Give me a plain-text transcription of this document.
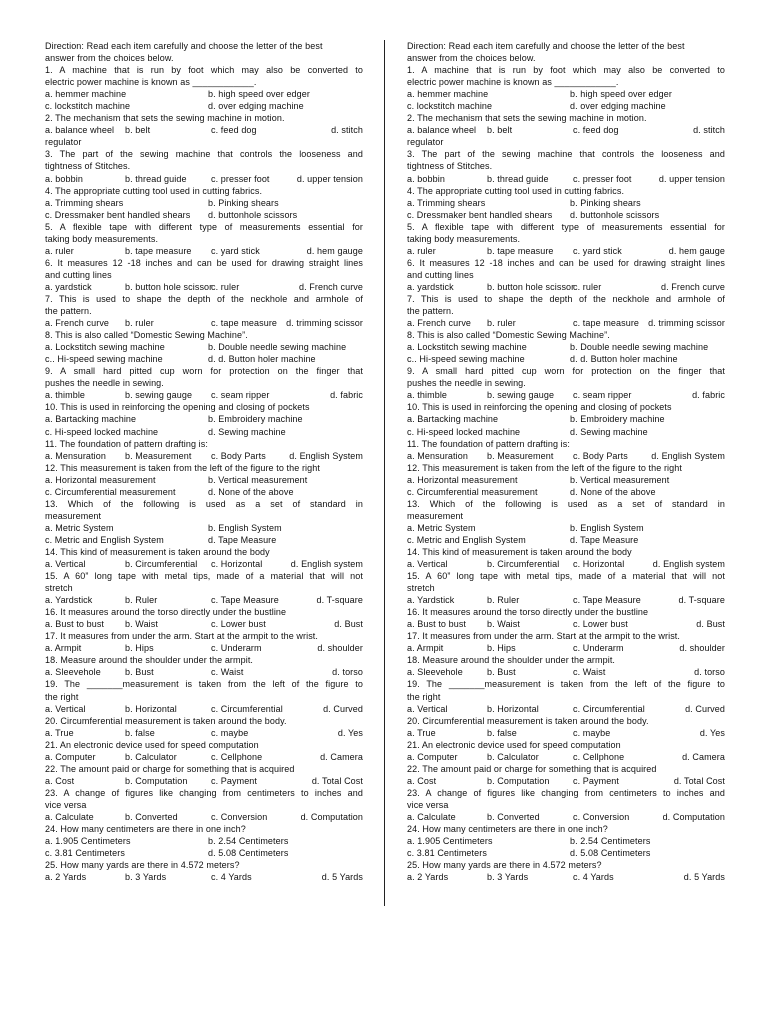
Direction: Read each item carefully and choose the letter of the best
answer from the choices below.
1. A machine that is run by foot which may also be converted to
electric power machine is known as ____________.
a. hemmer machine	b. high speed over edger
c. lockstitch machine	d. over edging machine
2. The mechanism that sets the sewing machine in motion.
a. balance wheel b. belt	c. feed dog	d. stitch
regulator
3. The part of the sewing machine that controls the looseness and
tightness of Stitches.
a. bobbin	b. thread guide	c. presser foot	d. upper tension
4. The appropriate cutting tool used in cutting fabrics.
a. Trimming shears	b. Pinking shears
c. Dressmaker bent handled shears d. buttonhole scissors
5. A flexible tape with different type of measurements essential for
taking body measurements.
a. ruler	b. tape measure c. yard stick	d. hem gauge
6. It measures 12 -18 inches and can be used for drawing straight lines
and cutting lines
a. yardstick	b. button hole scissor
c. ruler	d. French curve
7. This is used to shape the depth of the neckhole and armhole of
the pattern.
a. French curve b. ruler	c. tape measure d. trimming scissor
8. This is also called “Domestic Sewing Machine”.
a. Lockstitch sewing machine	b. Double needle sewing machine
c.. Hi-speed sewing machine	d. d. Button holer machine
9. A small hard pitted cup worn for protection on the finger that
pushes the needle in sewing.
a. thimble	b. sewing gauge c. seam ripper	d. fabric
10. This is used in reinforcing the opening and closing of pockets
a. Bartacking machine	b. Embroidery machine
c. Hi-speed locked machine	d. Sewing machine
11. The foundation of pattern drafting is:
a. Mensuration b. Measurement c. Body Parts	d. English System
12. This measurement is taken from the left of the figure to the right
a. Horizontal measurement	b. Vertical measurement
c. Circumferential measurement	d. None of the above
13. Which of the following is used as a set of standard in
measurement
a. Metric System	b. English System
c. Metric and English System	d. Tape Measure
14. This kind of measurement is taken around the body
a. Vertical	b. Circumferential c. Horizontal	d. English system
15. A 60” long tape with metal tips, made of a material that will not
stretch
a. Yardstick	b. Ruler	c. Tape Measure	d. T-square
16. It measures around the torso directly under the bustline
a. Bust to bust b. Waist	c. Lower bust	d. Bust
17. It measures from under the arm. Start at the armpit to the wrist.
a. Armpit	b. Hips	c. Underarm	d. shoulder
18. Measure around the shoulder under the armpit.
a. Sleevehole	b. Bust	c. Waist	d. torso
19. The _______measurement is taken from the left of the figure to
the right
a. Vertical	b. Horizontal	c. Circumferential	d. Curved
20. Circumferential measurement is taken around the body.
a. True	b. false	c. maybe	d. Yes
21. An electronic device used for speed computation
a. Computer	b. Calculator	c. Cellphone	d. Camera
22. The amount paid or charge for something that is acquired
a. Cost	b. Computation	c. Payment	d. Total Cost
23. A change of figures like changing from centimeters to inches and
vice versa
a. Calculate	b. Converted	c. Conversion	d. Computation
24. How many centimeters are there in one inch?
a. 1.905 Centimeters	b. 2.54 Centimeters
c. 3.81 Centimeters	d. 5.08 Centimeters
25. How many yards are there in 4.572 meters?
a. 2 Yards	b. 3 Yards	c. 4 Yards	d. 5 Yards
Direction: Read each item carefully and choose the letter of the best
answer from the choices below.
1. A machine that is run by foot which may also be converted to
electric power machine is known as ____________.
a. hemmer machine	b. high speed over edger
c. lockstitch machine	d. over edging machine
2. The mechanism that sets the sewing machine in motion.
a. balance wheel b. belt	c. feed dog	d. stitch
regulator
3. The part of the sewing machine that controls the looseness and
tightness of Stitches.
a. bobbin	b. thread guide	c. presser foot	d. upper tension
4. The appropriate cutting tool used in cutting fabrics.
a. Trimming shears	b. Pinking shears
c. Dressmaker bent handled shears d. buttonhole scissors
5. A flexible tape with different type of measurements essential for
taking body measurements.
a. ruler	b. tape measure c. yard stick	d. hem gauge
6. It measures 12 -18 inches and can be used for drawing straight lines
and cutting lines
a. yardstick	b. button hole scissor
c. ruler	d. French curve
7. This is used to shape the depth of the neckhole and armhole of
the pattern.
a. French curve b. ruler	c. tape measure d. trimming scissor
8. This is also called “Domestic Sewing Machine”.
a. Lockstitch sewing machine	b. Double needle sewing machine
c.. Hi-speed sewing machine	d. d. Button holer machine
9. A small hard pitted cup worn for protection on the finger that
pushes the needle in sewing.
a. thimble	b. sewing gauge c. seam ripper	d. fabric
10. This is used in reinforcing the opening and closing of pockets
a. Bartacking machine	b. Embroidery machine
c. Hi-speed locked machine	d. Sewing machine
11. The foundation of pattern drafting is:
a. Mensuration b. Measurement c. Body Parts	d. English System
12. This measurement is taken from the left of the figure to the right
a. Horizontal measurement	b. Vertical measurement
c. Circumferential measurement	d. None of the above
13. Which of the following is used as a set of standard in
measurement
a. Metric System	b. English System
c. Metric and English System	d. Tape Measure
14. This kind of measurement is taken around the body
a. Vertical	b. Circumferential c. Horizontal	d. English system
15. A 60” long tape with metal tips, made of a material that will not
stretch
a. Yardstick	b. Ruler	c. Tape Measure	d. T-square
16. It measures around the torso directly under the bustline
a. Bust to bust b. Waist	c. Lower bust	d. Bust
17. It measures from under the arm. Start at the armpit to the wrist.
a. Armpit	b. Hips	c. Underarm	d. shoulder
18. Measure around the shoulder under the armpit.
a. Sleevehole	b. Bust	c. Waist	d. torso
19. The _______measurement is taken from the left of the figure to
the right
a. Vertical	b. Horizontal	c. Circumferential	d. Curved
20. Circumferential measurement is taken around the body.
a. True	b. false	c. maybe	d. Yes
21. An electronic device used for speed computation
a. Computer	b. Calculator	c. Cellphone	d. Camera
22. The amount paid or charge for something that is acquired
a. Cost	b. Computation	c. Payment	d. Total Cost
23. A change of figures like changing from centimeters to inches and
vice versa
a. Calculate	b. Converted	c. Conversion	d. Computation
24. How many centimeters are there in one inch?
a. 1.905 Centimeters	b. 2.54 Centimeters
c. 3.81 Centimeters	d. 5.08 Centimeters
25. How many yards are there in 4.572 meters?
a. 2 Yards	b. 3 Yards	c. 4 Yards	d. 5 Yards
